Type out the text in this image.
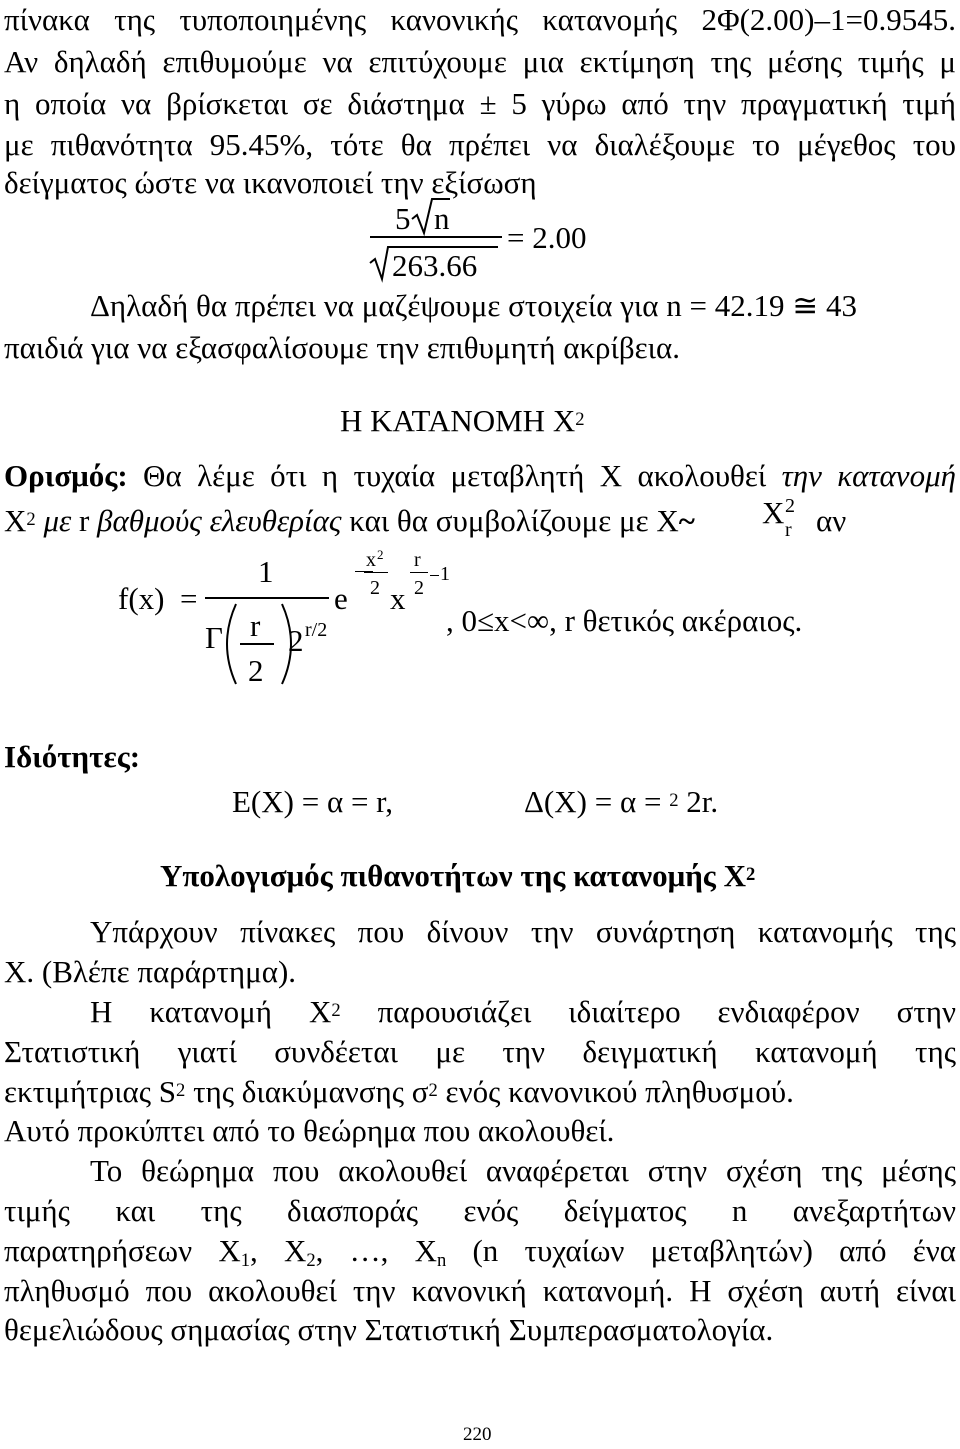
πίνακα της τυποποιημένης κανονικής κατανομής 2Φ(2.00)–1=0.9545.
Αν δηλαδή επιθυμούμε να επιτύχουμε μια εκτίμηση της μέσης τιμής μ
η οποία να βρίσκεται σε διάστημα ± 5 γύρω από την πραγματική τιμή
με πιθανότητα 95.45%, τότε θα πρέπει να διαλέξουμε το μέγεθος του
δείγματος ώστε να ικανοποιεί την εξίσωση
5 n
= 2.00
263.66
Δηλαδή θα πρέπει να μαζέψουμε στοιχεία για n = 42.19 ≅ 43
παιδιά για να εξασφαλίσουμε την επιθυμητή ακρίβεια.
Η ΚΑΤΑΝΟΜΗ $X^2$
Ορισμός: Θα λέμε ότι η τυχαία μεταβλητή Χ ακολουθεί την κατανομή
$X^2$ με r βαθμούς ελευθερίας και θα συμβολίζουμε με Χ~	Χ 2
r αν
f(x) =
1
Γ r
2
2 r/2
e
x 2
2 x
r
2
1
, 0≤x<∞, r θετικός ακέραιος.
Ιδιότητες:
Ε(Χ) = α = r,	Δ(Χ) = α = $^2$ 2r.
Υπολογισμός πιθανοτήτων της κατανομής $X^2$
Υπάρχουν πίνακες που δίνουν την συνάρτηση κατανομής της
Χ. (Βλέπε παράρτημα).
Η κατανομή $X^2$ παρουσιάζει ιδιαίτερο ενδιαφέρον στην
Στατιστική γιατί συνδέεται με την δειγματική κατανομή της
εκτιμήτριας $S^2$ της διακύμανσης $\sigma^2$ ενός κανονικού πληθυσμού.
Αυτό προκύπτει από το θεώρημα που ακολουθεί.
Το θεώρημα που ακολουθεί αναφέρεται στην σχέση της μέσης
τιμής και της διασποράς ενός δείγματος n ανεξαρτήτων
παρατηρήσεων $X_1$, $X_2$, …, $X_n$ (n τυχαίων μεταβλητών) από ένα
πληθυσμό που ακολουθεί την κανονική κατανομή. Η σχέση αυτή είναι
θεμελιώδους σημασίας στην Στατιστική Συμπερασματολογία.
220
